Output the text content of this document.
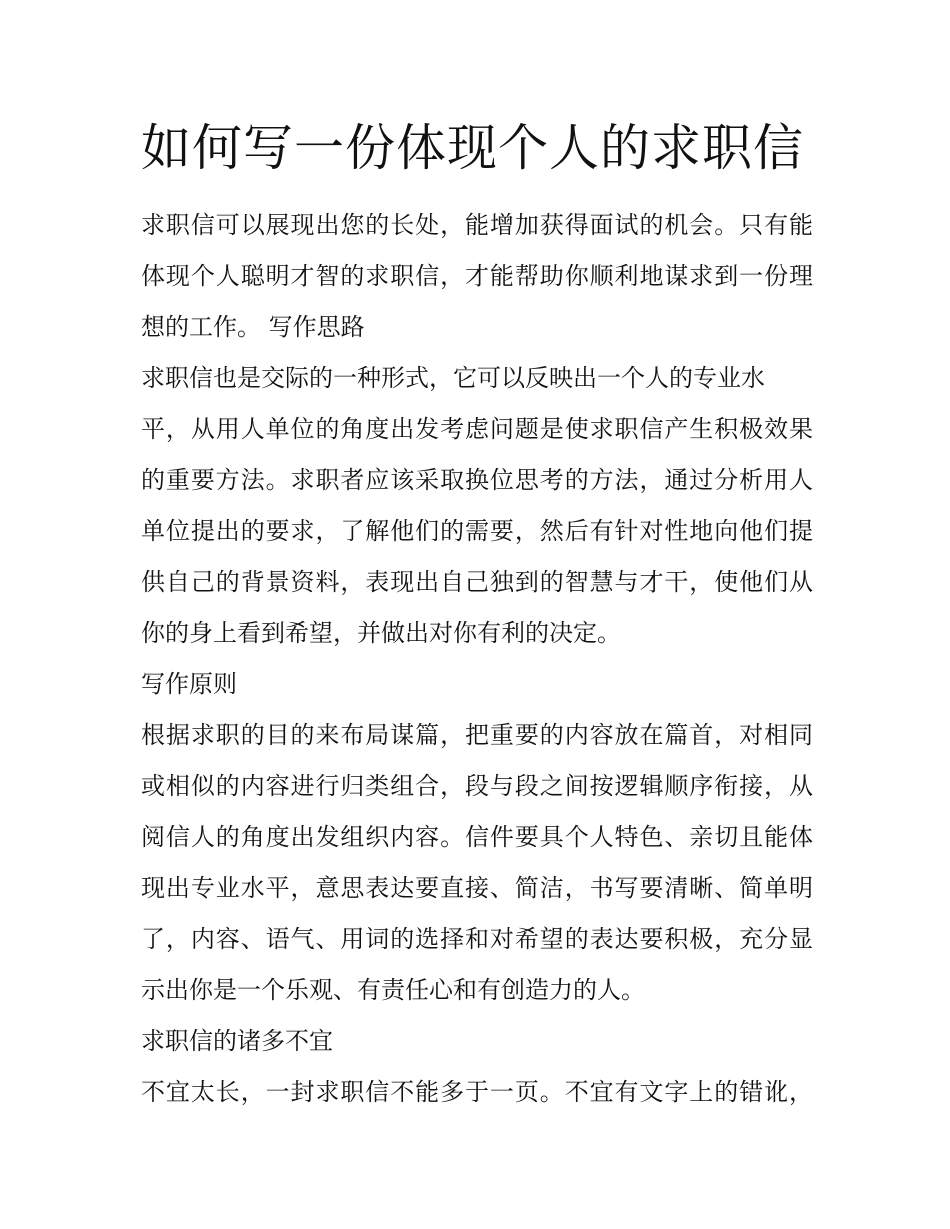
如何写一份体现个人的求职信

求职信可以展现出您的长处，能增加获得面试的机会。只有能

体现个人聪明才智的求职信，才能帮助你顺利地谋求到一份理

想的工作。 写作思路

求职信也是交际的一种形式，它可以反映出一个人的专业水

平，从用人单位的角度出发考虑问题是使求职信产生积极效果

的重要方法。求职者应该采取换位思考的方法，通过分析用人

单位提出的要求，了解他们的需要，然后有针对性地向他们提

供自己的背景资料，表现出自己独到的智慧与才干，使他们从

你的身上看到希望，并做出对你有利的决定。

写作原则

根据求职的目的来布局谋篇，把重要的内容放在篇首，对相同

或相似的内容进行归类组合，段与段之间按逻辑顺序衔接，从

阅信人的角度出发组织内容。信件要具个人特色、亲切且能体

现出专业水平，意思表达要直接、简洁，书写要清晰、简单明

了，内容、语气、用词的选择和对希望的表达要积极，充分显

示出你是一个乐观、有责任心和有创造力的人。

求职信的诸多不宜

不宜太长，一封求职信不能多于一页。不宜有文字上的错讹，
